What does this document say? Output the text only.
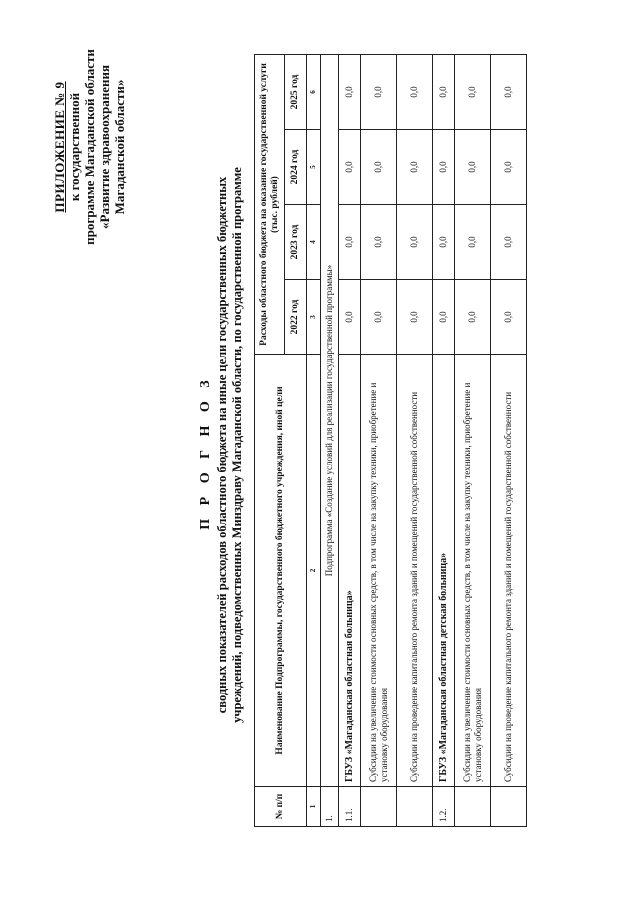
ПРИЛОЖЕНИЕ № 9 к государственной программе Магаданской области «Развитие здравоохранения Магаданской области»
П Р О Г Н О З сводных показателей расходов областного бюджета на иные цели государственных бюджетных учреждений, подведомственных Минздраву Магаданской области, по государственной программе
№ п/п	Наименование Подпрограммы, государственного бюджетного учреждения, иной цели	Расходы областного бюджета на оказание государственной услуги (тыс. рублей)			
		2022 год	2023 год	2024 год	2025 год
1	2	3	4	5	6
1.	Подпрограмма «Создание условий для реализации государственной программы»				
1.1.	ГБУЗ «Магаданская областная больница»	0,0	0,0	0,0	0,0
	Субсидии на увеличение стоимости основных средств, в том числе на закупку техники, приобретение и установку оборудования	0,0	0,0	0,0	0,0
	Субсидии на проведение капитального ремонта зданий и помещений государственной собственности	0,0	0,0	0,0	0,0
1.2.	ГБУЗ «Магаданская областная детская больница»	0,0	0,0	0,0	0,0
	Субсидии на увеличение стоимости основных средств, в том числе на закупку техники, приобретение и установку оборудования	0,0	0,0	0,0	0,0
	Субсидии на проведение капитального ремонта зданий и помещений государственной собственности	0,0	0,0	0,0	0,0
